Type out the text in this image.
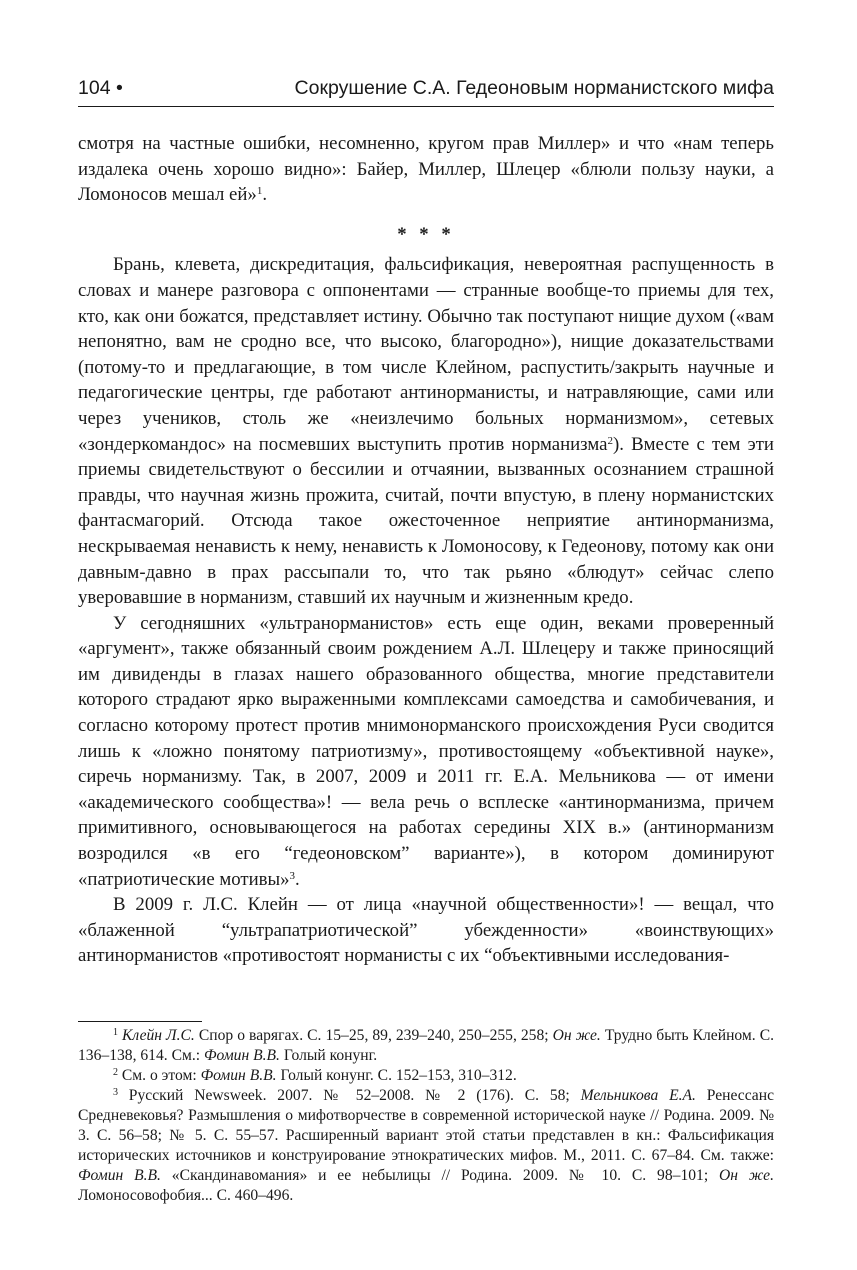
104 •	Сокрушение С.А. Гедеоновым норманистского мифа

смотря на частные ошибки, несомненно, кругом прав Миллер» и что «нам теперь издалека очень хорошо видно»: Байер, Миллер, Шлецер «блюли пользу науки, а Ломоносов мешал ей»$^1$.

* * *

Брань, клевета, дискредитация, фальсификация, невероятная распущенность в словах и манере разговора с оппонентами — странные вообще-то приемы для тех, кто, как они божатся, представляет истину. Обычно так поступают нищие духом («вам непонятно, вам не сродно все, что высоко, благородно»), нищие доказательствами (потому-то и предлагающие, в том числе Клейном, распустить/закрыть научные и педагогические центры, где работают антинорманисты, и натравляющие, сами или через учеников, столь же «неизлечимо больных норманизмом», сетевых «зондеркомандос» на посмевших выступить против норманизма$^2$). Вместе с тем эти приемы свидетельствуют о бессилии и отчаянии, вызванных осознанием страшной правды, что научная жизнь прожита, считай, почти впустую, в плену норманистских фантасмагорий. Отсюда такое ожесточенное неприятие антинорманизма, нескрываемая ненависть к нему, ненависть к Ломоносову, к Гедеонову, потому как они давным-давно в прах рассыпали то, что так рьяно «блюдут» сейчас слепо уверовавшие в норманизм, ставший их научным и жизненным кредо.

У сегодняшних «ультранорманистов» есть еще один, веками проверенный «аргумент», также обязанный своим рождением А.Л. Шлецеру и также приносящий им дивиденды в глазах нашего образованного общества, многие представители которого страдают ярко выраженными комплексами самоедства и самобичевания, и согласно которому протест против мнимонорманского происхождения Руси сводится лишь к «ложно понятому патриотизму», противостоящему «объективной науке», сиречь норманизму. Так, в 2007, 2009 и 2011 гг. Е.А. Мельникова — от имени «академического сообщества»! — вела речь о всплеске «антинорманизма, причем примитивного, основывающегося на работах середины XIX в.» (антинорманизм возродился «в его “гедеоновском” варианте»), в котором доминируют «патриотические мотивы»$^3$.

В 2009 г. Л.С. Клейн — от лица «научной общественности»! — вещал, что «блаженной “ультрапатриотической” убежденности» «воинствующих» антинорманистов «противостоят норманисты с их “объективными исследования-

$^1$ Клейн Л.С. Спор о варягах. С. 15–25, 89, 239–240, 250–255, 258; Он же. Трудно быть Клейном. С. 136–138, 614. См.: Фомин В.В. Голый конунг.

$^2$ См. о этом: Фомин В.В. Голый конунг. С. 152–153, 310–312.

$^3$ Русский Newsweek. 2007. № 52–2008. № 2 (176). С. 58; Мельникова Е.А. Ренессанс Средневековья? Размышления о мифотворчестве в современной исторической науке // Родина. 2009. № 3. С. 56–58; № 5. С. 55–57. Расширенный вариант этой статьи представлен в кн.: Фальсификация исторических источников и конструирование этнократических мифов. М., 2011. С. 67–84. См. также: Фомин В.В. «Скандинавомания» и ее небылицы // Родина. 2009. № 10. С. 98–101; Он же. Ломоносовофобия... С. 460–496.
